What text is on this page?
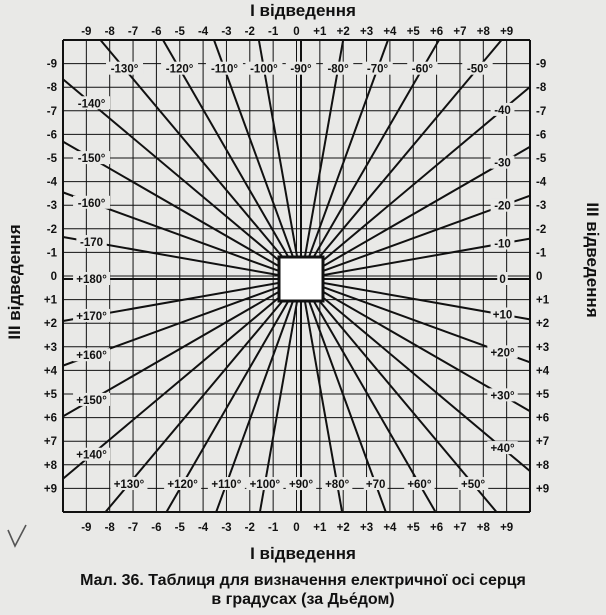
-110° -100° -90° -80° -70° -60°	-50°
-40
-30
-20
-10
0
+10
+20°
+30°
+40°
+50°
+60°
+70
+80°
+90°
+100°
+110°
+120°
+130°
+140°
+150°
+160°
+170°
+180°
-170
-160°
-150°
-140°
-130° -120°
-9
-9
-8
-8
-7
-7
-6
-6
-5
-5
-4
-4
-3
-3
-2
-2
-1
-1
0
0
+1
+1
+2
+2
+3
+3
+4
+4
+5
+5
+6
+6
+7
+7
+8
+8
+9
+9
-9	-9
-8	-8
-7	-7
-6	-6
-5	-5
-4	-4
-3	-3
-2	-2
-1	-1
0	0
+1	+1
+2	+2
+3	+3
+4	+4
+5	+5
+6	+6
+7	+7
+8	+8
+9	+9
I відведення
I відведення
III відведення	III відведення
Мал. 36. Таблиця для визначення електричної осі серця
в градусах (за Дье́дом)
